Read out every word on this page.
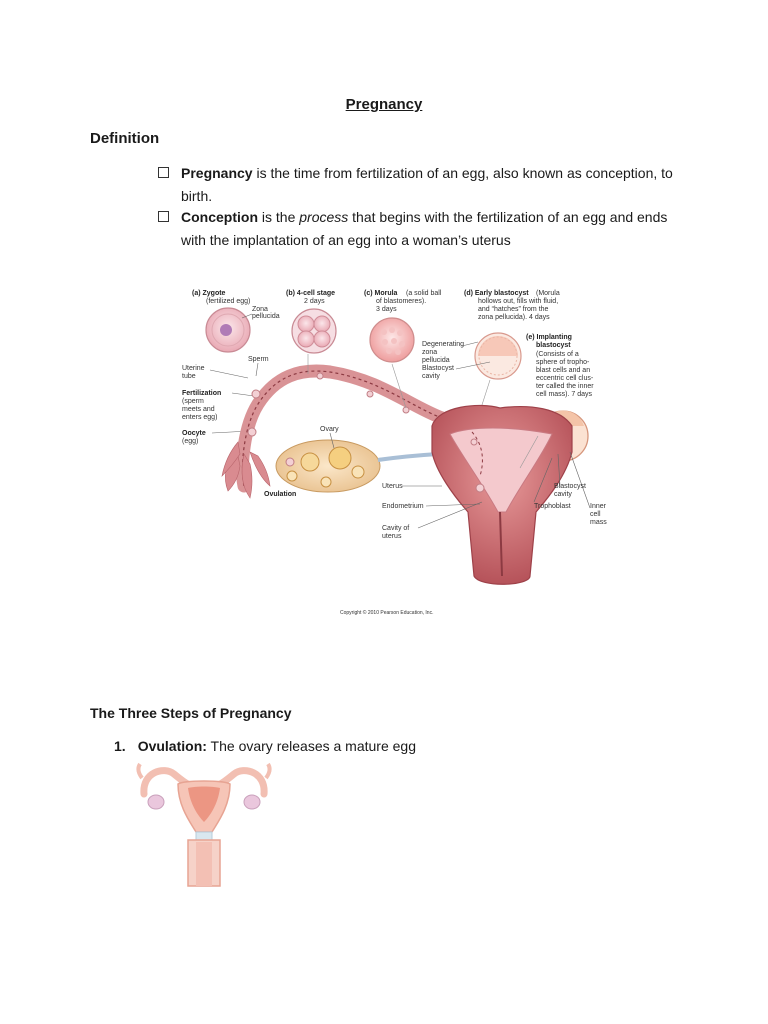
Pregnancy
Definition
Pregnancy is the time from fertilization of an egg, also known as conception, to birth.
Conception is the process that begins with the fertilization of an egg and ends with the implantation of an egg into a woman’s uterus
(a) Zygote
(fertilized egg)
Zona
pellucida
(b) 4-cell stage
2 days
(c) Morula (a solid ball
of blastomeres).
3 days
(d) Early blastocyst (Morula
hollows out, fills with fluid,
and “hatches” from the
zona pellucida). 4 days
(e) Implanting
blastocyst
(Consists of a
sphere of tropho-
blast cells and an
eccentric cell clus-
ter called the inner
cell mass). 7 days
Sperm
Uterine
tube
Fertilization
(sperm
meets and
enters egg)
Oocyte
(egg)
Ovary
Ovulation
Degenerating
zona
pellucida
Blastocyst
cavity
Uterus
Endometrium
Cavity of
uterus
Blastocyst
cavity
Trophoblast	Inner
cell
mass
Copyright © 2010 Pearson Education, Inc.
The Three Steps of Pregnancy
1. Ovulation: The ovary releases a mature egg
